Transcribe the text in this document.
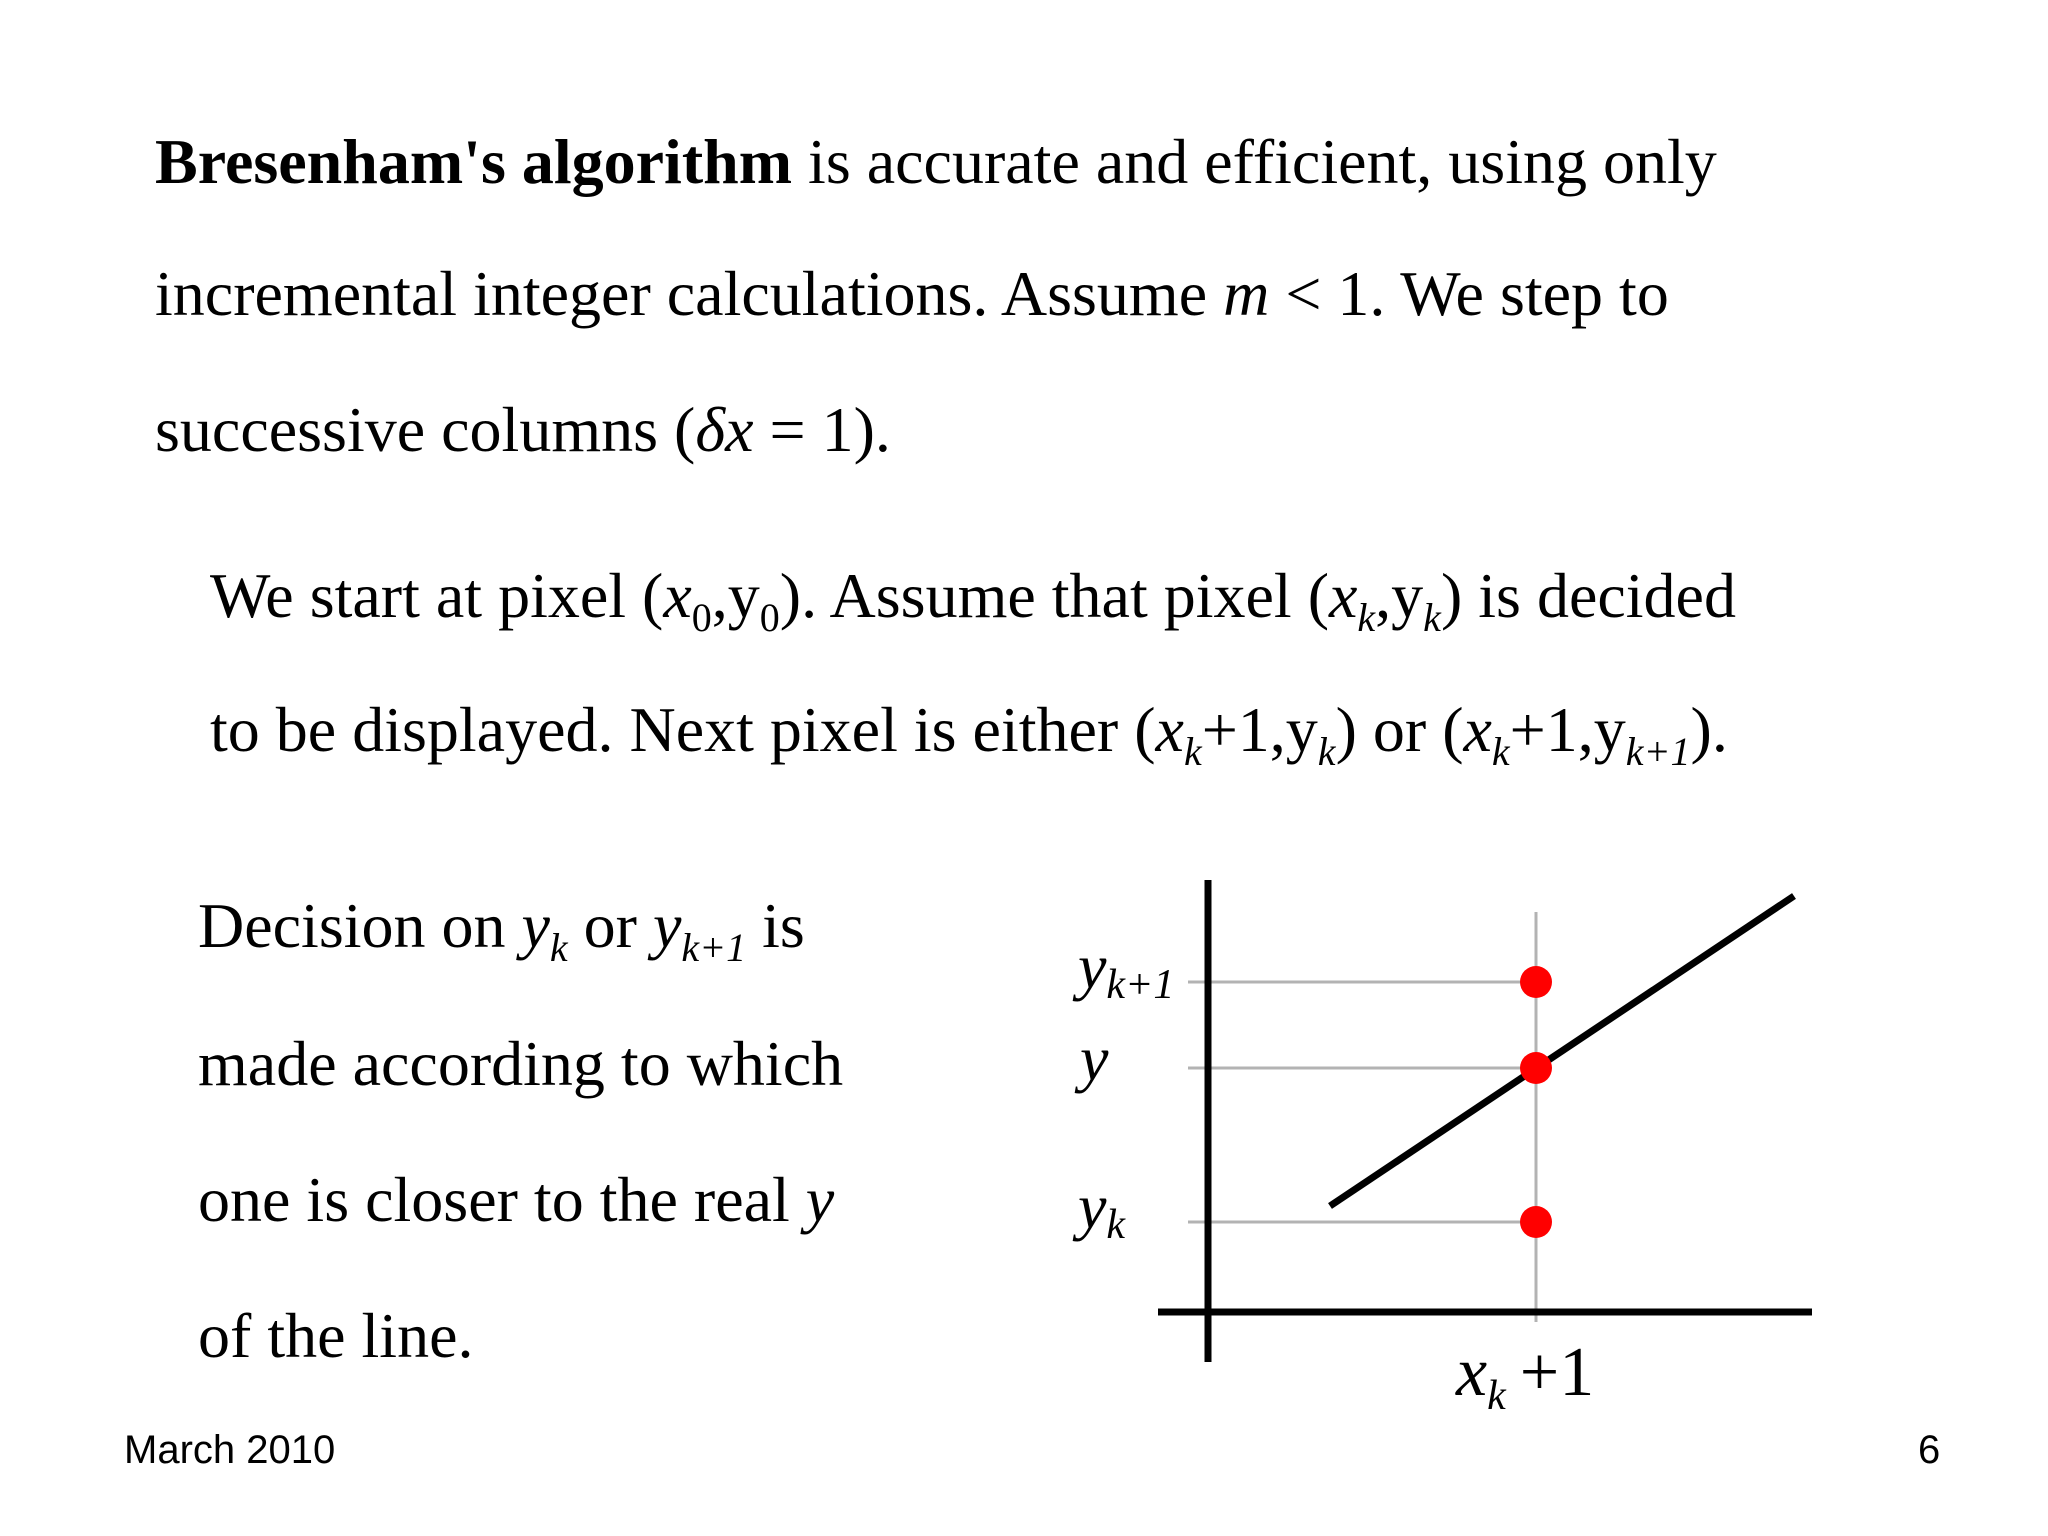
Bresenham's algorithm is accurate and efficient, using only
incremental integer calculations. Assume m < 1. We step to
successive columns (δx = 1).
We start at pixel $(x_0,y_0)$. Assume that pixel $(x_k,y_k)$ is decided
to be displayed. Next pixel is either $(x_k+1,y_k)$ or $(x_k+1,y_{k+1})$.
Decision on $y_k$ or $y_{k+1}$ is
made according to which
one is closer to the real y
of the line.
yk+1
y
yk
$x_k +1$
March 2010	6
